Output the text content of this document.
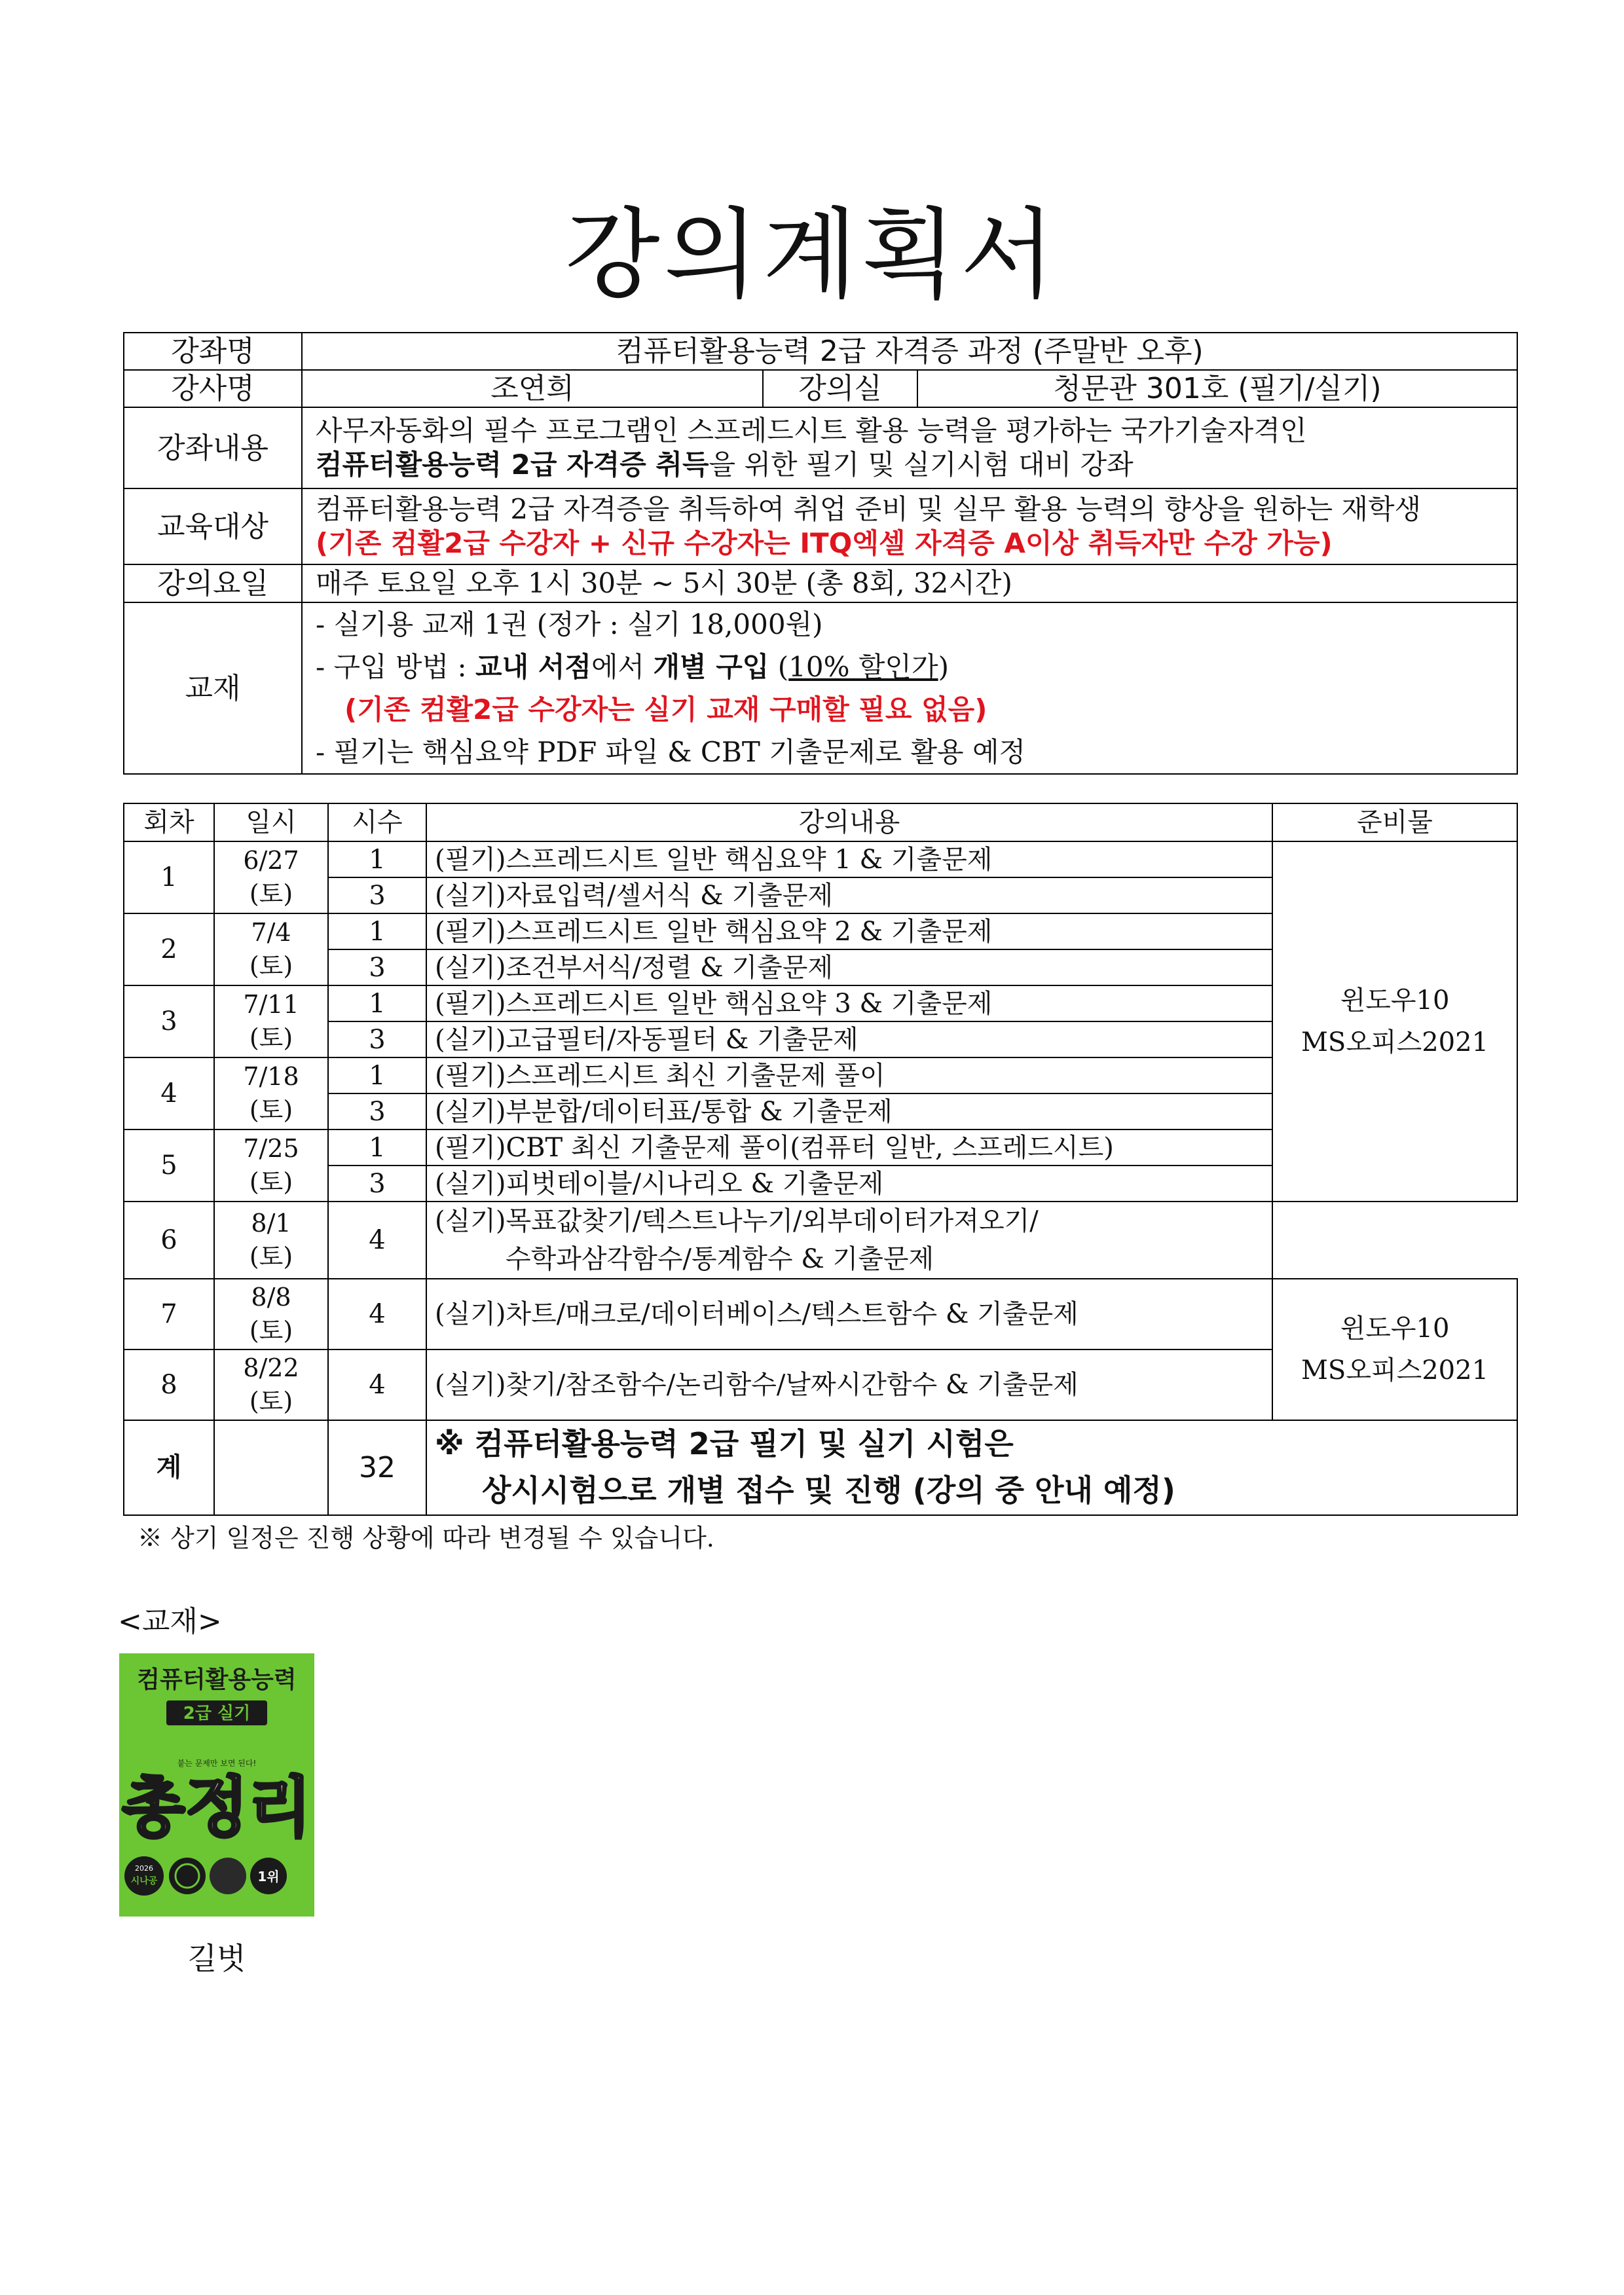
강의계획서
강좌명	컴퓨터활용능력 2급 자격증 과정 (주말반 오후)		
강사명	조연희	강의실	청문관 301호 (필기/실기)
강좌내용	사무자동화의 필수 프로그램인 스프레드시트 활용 능력을 평가하는 국가기술자격인
컴퓨터활용능력 2급 자격증 취득을 위한 필기 및 실기시험 대비 강좌		

교육대상	컴퓨터활용능력 2급 자격증을 취득하여 취업 준비 및 실무 활용 능력의 향상을 원하는 재학생
(기존 컴활2급 수강자 + 신규 수강자는 ITQ엑셀 자격증 A이상 취득자만 수강 가능)		

강의요일	매주 토요일 오후 1시 30분 ~ 5시 30분 (총 8회, 32시간)		
교재	- 실기용 교재 1권 (정가 : 실기 18,000원)
- 구입 방법 : 교내 서점에서 개별 구입 (10% 할인가)
(기존 컴활2급 수강자는 실기 교재 구매할 필요 없음)
- 필기는 핵심요약 PDF 파일 & CBT 기출문제로 활용 예정		
회차	일시	시수	강의내용	준비물
1	6/27
(토)	1	(필기)스프레드시트 일반 핵심요약 1 & 기출문제	윈도우10
MS오피스2021

		3	(실기)자료입력/셀서식 & 기출문제	
2	7/4
(토)	1	(필기)스프레드시트 일반 핵심요약 2 & 기출문제	
		3	(실기)조건부서식/정렬 & 기출문제	
3	7/11
(토)	1	(필기)스프레드시트 일반 핵심요약 3 & 기출문제	
		3	(실기)고급필터/자동필터 & 기출문제	
4	7/18
(토)	1	(필기)스프레드시트 최신 기출문제 풀이	
		3	(실기)부분합/데이터표/통합 & 기출문제	
5	7/25
(토)	1	(필기)CBT 최신 기출문제 풀이(컴퓨터 일반, 스프레드시트)	
		3	(실기)피벗테이블/시나리오 & 기출문제	
6	8/1
(토)	4	(실기)목표값찾기/텍스트나누기/외부데이터가져오기/
수학과삼각함수/통계함수 & 기출문제	

7	8/8
(토)	4	(실기)차트/매크로/데이터베이스/텍스트함수 & 기출문제	윈도우10
MS오피스2021

8	8/22
(토)	4	(실기)찾기/참조함수/논리함수/날짜시간함수 & 기출문제	
계		32	※ 컴퓨터활용능력 2급 필기 및 실기 시험은
상시시험으로 개별 접수 및 진행 (강의 중 안내 예정)	
※ 상기 일정은 진행 상황에 따라 변경될 수 있습니다.
<교재>
컴퓨터활용능력
2급 실기
붙는 문제만 보면 된다!
총정리
2026
시나공	1위
길벗
